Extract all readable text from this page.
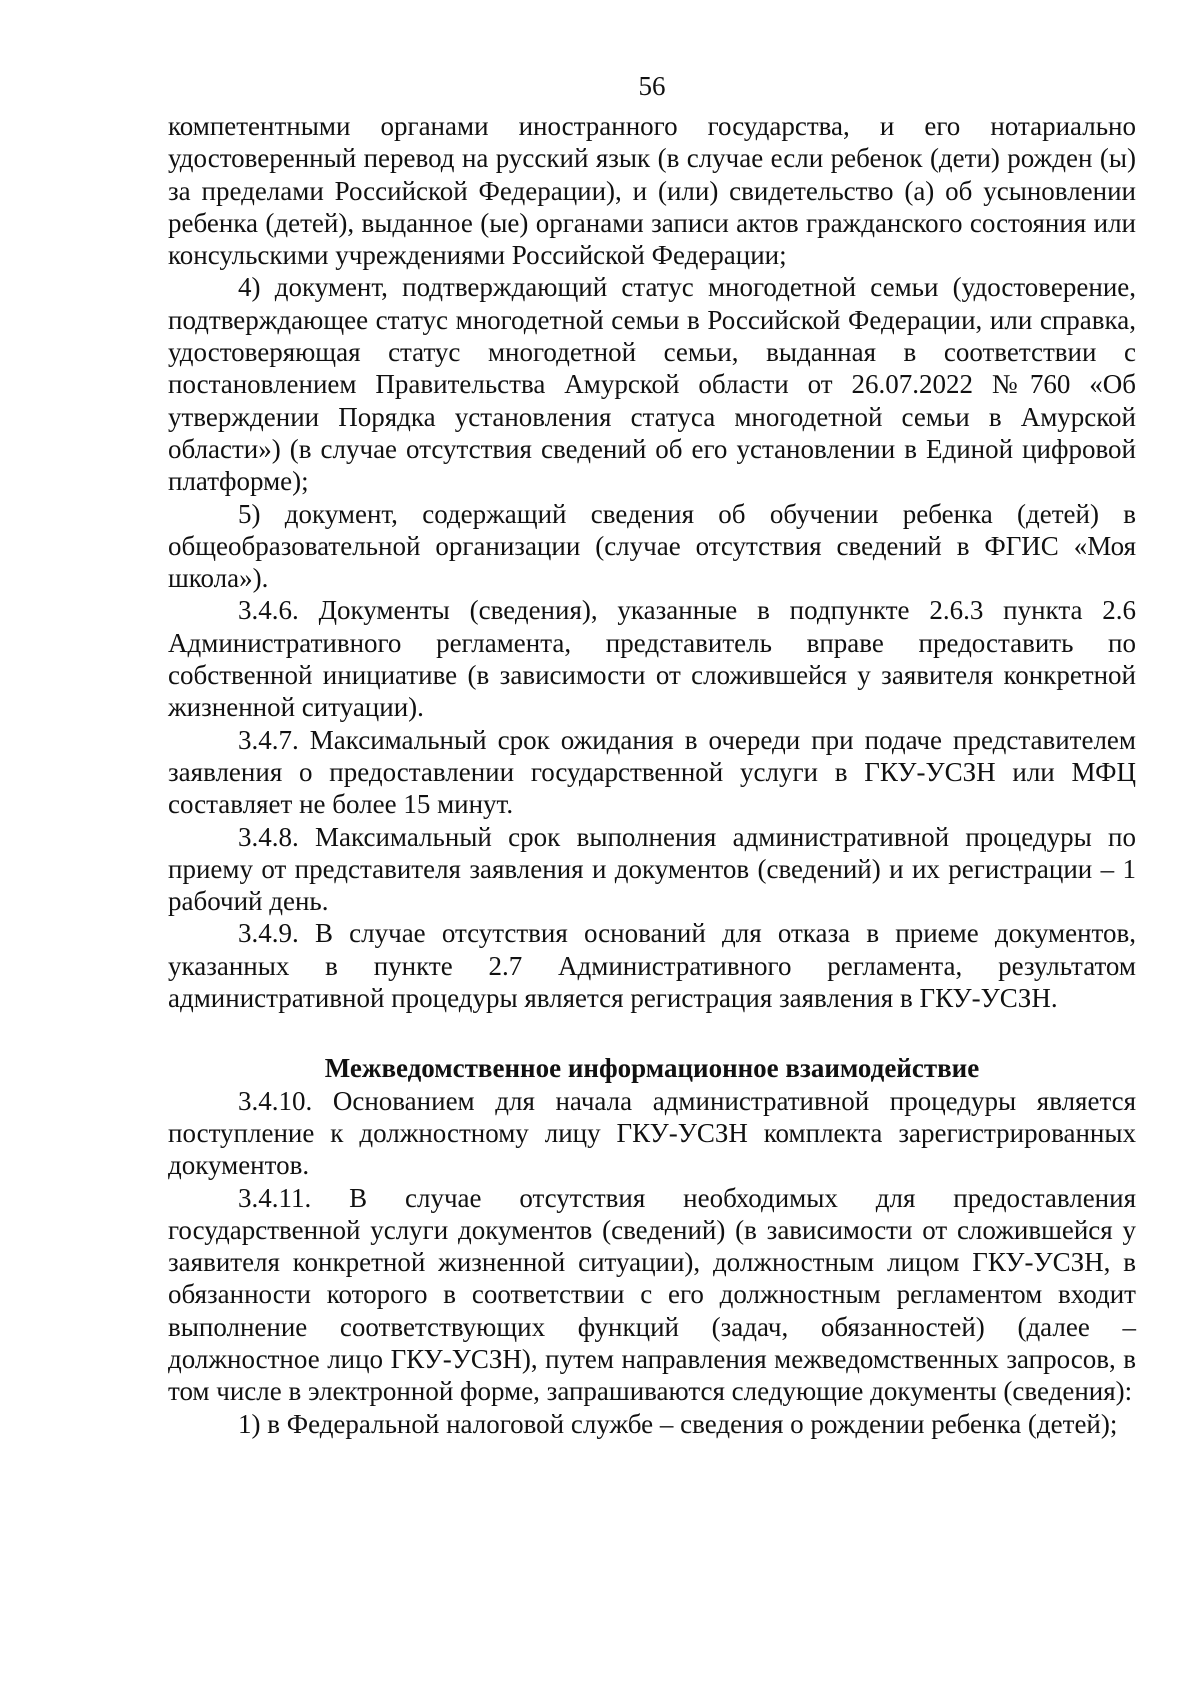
56

компетентными органами иностранного государства, и его нотариально удостоверенный перевод на русский язык (в случае если ребенок (дети) рожден (ы) за пределами Российской Федерации), и (или) свидетельство (а) об усыновлении ребенка (детей), выданное (ые) органами записи актов гражданского состояния или консульскими учреждениями Российской Федерации;

4) документ, подтверждающий статус многодетной семьи (удостоверение, подтверждающее статус многодетной семьи в Российской Федерации, или справка, удостоверяющая статус многодетной семьи, выданная в соответствии с постановлением Правительства Амурской области от 26.07.2022 №760 «Об утверждении Порядка установления статуса многодетной семьи в Амурской области») (в случае отсутствия сведений об его установлении в Единой цифровой платформе);

5) документ, содержащий сведения об обучении ребенка (детей) в общеобразовательной организации (случае отсутствия сведений в ФГИС «Моя школа»).

3.4.6. Документы (сведения), указанные в подпункте 2.6.3 пункта 2.6 Административного регламента, представитель вправе предоставить по собственной инициативе (в зависимости от сложившейся у заявителя конкретной жизненной ситуации).

3.4.7. Максимальный срок ожидания в очереди при подаче представителем заявления о предоставлении государственной услуги в ГКУ-УСЗН или МФЦ составляет не более 15 минут.

3.4.8. Максимальный срок выполнения административной процедуры по приему от представителя заявления и документов (сведений) и их регистрации – 1 рабочий день.

3.4.9. В случае отсутствия оснований для отказа в приеме документов, указанных в пункте 2.7 Административного регламента, результатом административной процедуры является регистрация заявления в ГКУ-УСЗН.

Межведомственное информационное взаимодействие

3.4.10. Основанием для начала административной процедуры является поступление к должностному лицу ГКУ-УСЗН комплекта зарегистрированных документов.

3.4.11. В случае отсутствия необходимых для предоставления государственной услуги документов (сведений) (в зависимости от сложившейся у заявителя конкретной жизненной ситуации), должностным лицом ГКУ-УСЗН, в обязанности которого в соответствии с его должностным регламентом входит выполнение соответствующих функций (задач, обязанностей) (далее – должностное лицо ГКУ-УСЗН), путем направления межведомственных запросов, в том числе в электронной форме, запрашиваются следующие документы (сведения):

1) в Федеральной налоговой службе – сведения о рождении ребенка (детей);
